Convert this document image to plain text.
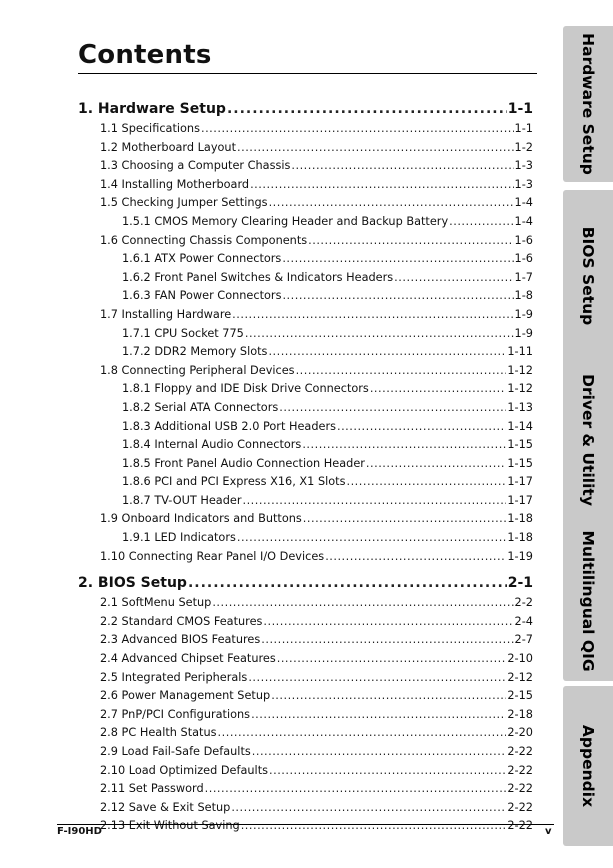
Contents
1. Hardware Setup .....	1-1
1.1 Specifications .....	1-1
1.2 Motherboard Layout .....	1-2
1.3 Choosing a Computer Chassis .....	1-3
1.4 Installing Motherboard .....	1-3
1.5 Checking Jumper Settings .....	1-4
1.5.1 CMOS Memory Clearing Header and Backup Battery .....	1-4
1.6 Connecting Chassis Components .....	1-6
1.6.1 ATX Power Connectors .....	1-6
1.6.2 Front Panel Switches & Indicators Headers .....	1-7
1.6.3 FAN Power Connectors .....	1-8
1.7 Installing Hardware .....	1-9
1.7.1 CPU Socket 775 .....	1-9
1.7.2 DDR2 Memory Slots .....	1-11
1.8 Connecting Peripheral Devices .....	1-12
1.8.1 Floppy and IDE Disk Drive Connectors .....	1-12
1.8.2 Serial ATA Connectors .....	1-13
1.8.3 Additional USB 2.0 Port Headers .....	1-14
1.8.4 Internal Audio Connectors .....	1-15
1.8.5 Front Panel Audio Connection Header .....	1-15
1.8.6 PCI and PCI Express X16, X1 Slots .....	1-17
1.8.7 TV-OUT Header .....	1-17
1.9 Onboard Indicators and Buttons .....	1-18
1.9.1 LED Indicators .....	1-18
1.10 Connecting Rear Panel I/O Devices .....	1-19
2. BIOS Setup .....	2-1
2.1 SoftMenu Setup .....	2-2
2.2 Standard CMOS Features .....	2-4
2.3 Advanced BIOS Features .....	2-7
2.4 Advanced Chipset Features .....	2-10
2.5 Integrated Peripherals .....	2-12
2.6 Power Management Setup .....	2-15
2.7 PnP/PCI Configurations .....	2-18
2.8 PC Health Status .....	2-20
2.9 Load Fail-Safe Defaults .....	2-22
2.10 Load Optimized Defaults .....	2-22
2.11 Set Password .....	2-22
2.12 Save & Exit Setup .....	2-22
2.13 Exit Without Saving .....	2-22
F-I90HD	v
Hardware Setup
BIOS Setup
Driver & Utility
Multilingual QIG
Appendix
